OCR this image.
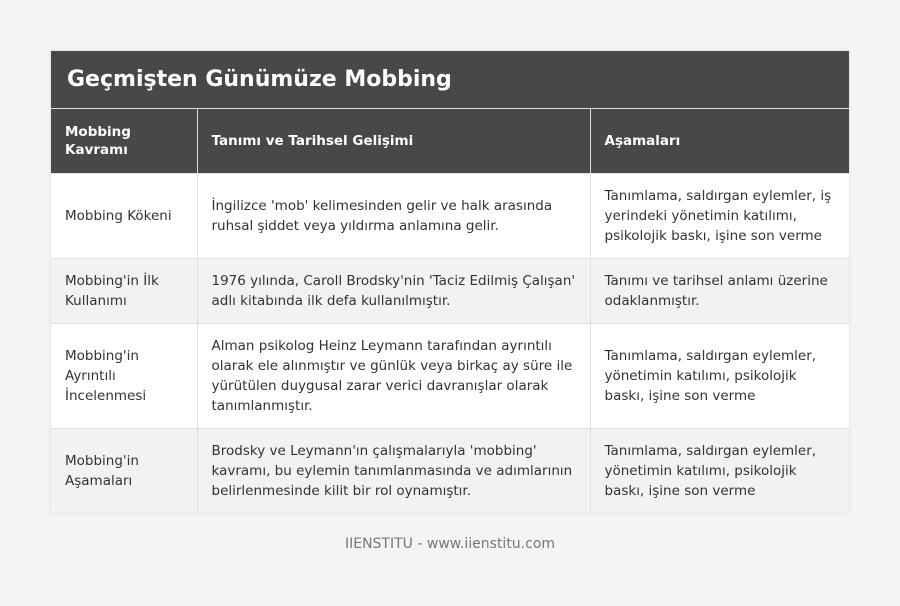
Geçmişten Günümüze Mobbing
Mobbing Kavramı	Tanımı ve Tarihsel Gelişimi	Aşamaları
Mobbing Kökeni	İngilizce 'mob' kelimesinden gelir ve halk arasında ruhsal şiddet veya yıldırma anlamına gelir.	Tanımlama, saldırgan eylemler, iş yerindeki yönetimin katılımı, psikolojik baskı, işine son verme
Mobbing'in İlk Kullanımı	1976 yılında, Caroll Brodsky'nin 'Taciz Edilmiş Çalışan' adlı kitabında ilk defa kullanılmıştır.	Tanımı ve tarihsel anlamı üzerine odaklanmıştır.
Mobbing'in Ayrıntılı İncelenmesi	Alman psikolog Heinz Leymann tarafından ayrıntılı olarak ele alınmıştır ve günlük veya birkaç ay süre ile yürütülen duygusal zarar verici davranışlar olarak tanımlanmıştır.	Tanımlama, saldırgan eylemler, yönetimin katılımı, psikolojik baskı, işine son verme
Mobbing'in Aşamaları	Brodsky ve Leymann'ın çalışmalarıyla 'mobbing' kavramı, bu eylemin tanımlanmasında ve adımlarının belirlenmesinde kilit bir rol oynamıştır.	Tanımlama, saldırgan eylemler, yönetimin katılımı, psikolojik baskı, işine son verme
IIENSTITU - www.iienstitu.com
